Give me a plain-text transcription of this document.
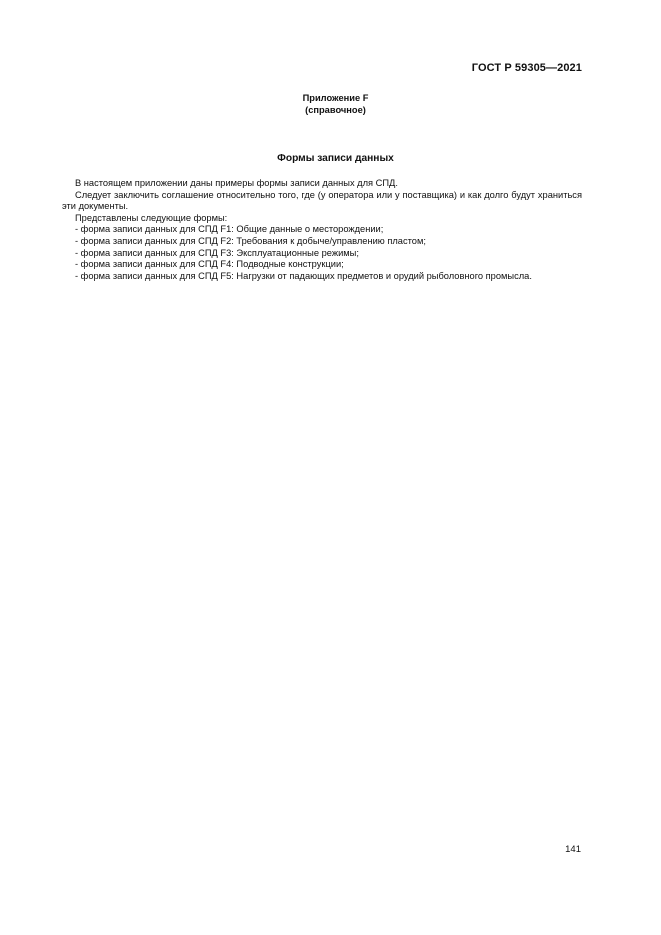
ГОСТ Р 59305—2021
Приложение F
(справочное)
Формы записи данных

В настоящем приложении даны примеры формы записи данных для СПД.

Следует заключить соглашение относительно того, где (у оператора или у поставщика) и как долго будут храниться эти документы.

Представлены следующие формы:

- форма записи данных для СПД F1: Общие данные о месторождении;
- форма записи данных для СПД F2: Требования к добыче/управлению пластом;
- форма записи данных для СПД F3: Эксплуатационные режимы;
- форма записи данных для СПД F4: Подводные конструкции;
- форма записи данных для СПД F5: Нагрузки от падающих предметов и орудий рыболовного промысла.
141
